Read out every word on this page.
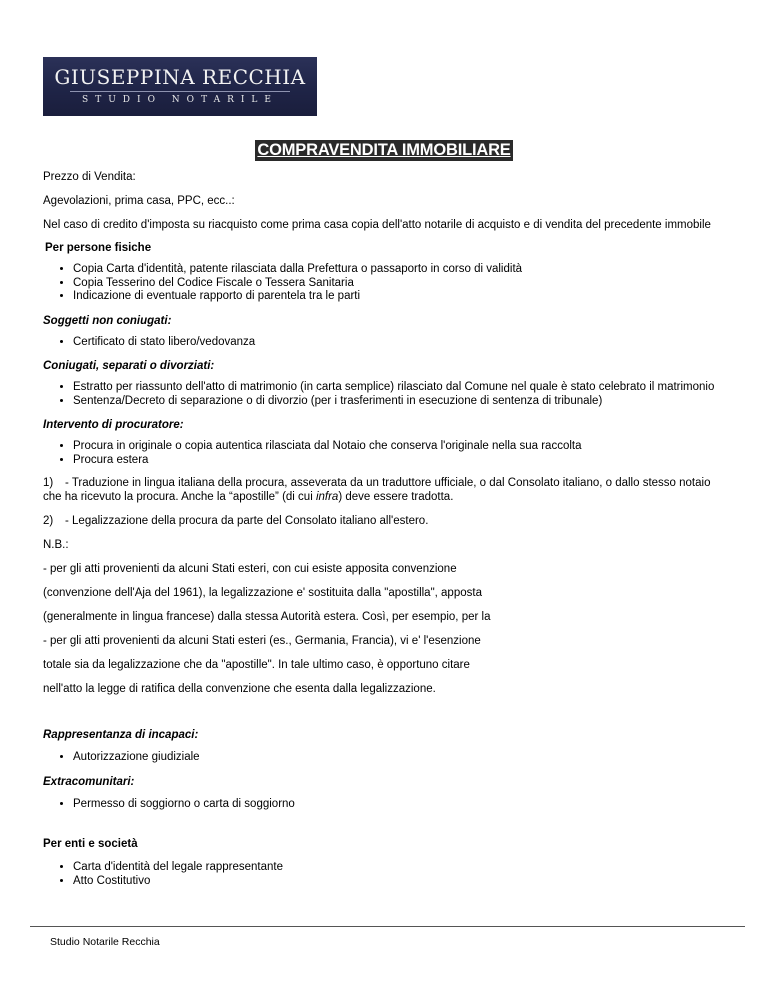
GIUSEPPINA RECCHIA
STUDIO NOTARILE
COMPRAVENDITA IMMOBILIARE

Prezzo di Vendita:

Agevolazioni, prima casa, PPC, ecc..:

Nel caso di credito d'imposta su riacquisto come prima casa copia dell'atto notarile di acquisto e di vendita del precedente immobile

Per persone fisiche

• Copia Carta d'identità, patente rilasciata dalla Prefettura o passaporto in corso di validità
• Copia Tesserino del Codice Fiscale o Tessera Sanitaria
• Indicazione di eventuale rapporto di parentela tra le parti

Soggetti non coniugati:

• Certificato di stato libero/vedovanza

Coniugati, separati o divorziati:

• Estratto per riassunto dell'atto di matrimonio (in carta semplice) rilasciato dal Comune nel quale è stato celebrato il matrimonio
• Sentenza/Decreto di separazione o di divorzio (per i trasferimenti in esecuzione di sentenza di tribunale)

Intervento di procuratore:

• Procura in originale o copia autentica rilasciata dal Notaio che conserva l'originale nella sua raccolta
• Procura estera

1) - Traduzione in lingua italiana della procura, asseverata da un traduttore ufficiale, o dal Consolato italiano, o dallo stesso notaio
che ha ricevuto la procura. Anche la “apostille” (di cui infra) deve essere tradotta.

2) - Legalizzazione della procura da parte del Consolato italiano all'estero.

N.B.:

- per gli atti provenienti da alcuni Stati esteri, con cui esiste apposita convenzione

(convenzione dell'Aja del 1961), la legalizzazione e' sostituita dalla "apostilla", apposta

(generalmente in lingua francese) dalla stessa Autorità estera. Così, per esempio, per la

- per gli atti provenienti da alcuni Stati esteri (es., Germania, Francia), vi e' l'esenzione

totale sia da legalizzazione che da "apostille". In tale ultimo caso, è opportuno citare

nell'atto la legge di ratifica della convenzione che esenta dalla legalizzazione.

Rappresentanza di incapaci:

• Autorizzazione giudiziale

Extracomunitari:

• Permesso di soggiorno o carta di soggiorno

Per enti e società

• Carta d'identità del legale rappresentante
• Atto Costitutivo
Studio Notarile Recchia
